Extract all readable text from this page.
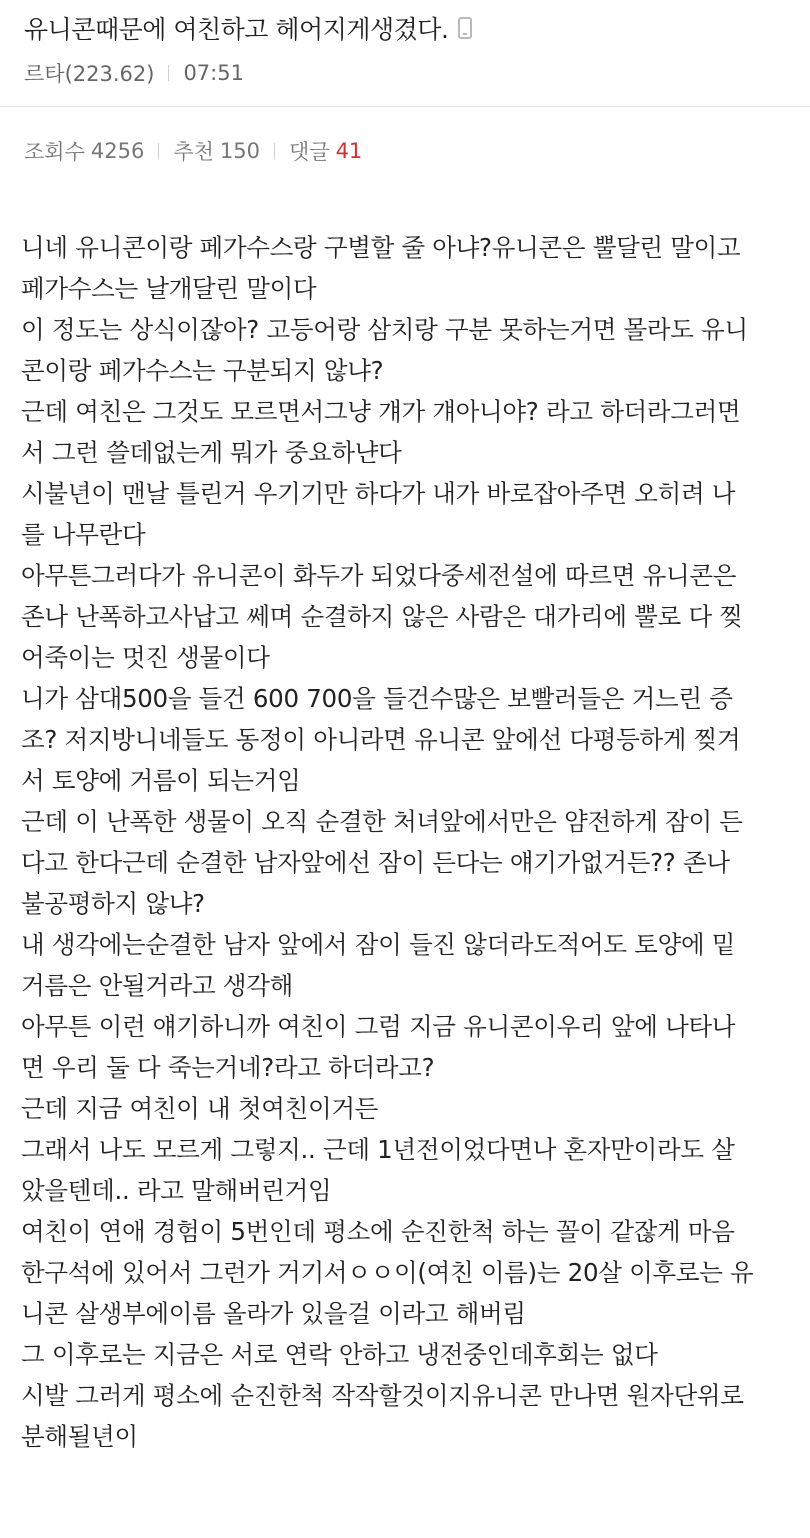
유니콘때문에 여친하고 헤어지게생겼다.
르타(223.62) 07:51
조회수 4256 추천 150 댓글 41
니네 유니콘이랑 페가수스랑 구별할 줄 아냐?유니콘은 뿔달린 말이고
페가수스는 날개달린 말이다
이 정도는 상식이잖아? 고등어랑 삼치랑 구분 못하는거면 몰라도 유니
콘이랑 페가수스는 구분되지 않냐?
근데 여친은 그것도 모르면서그냥 걔가 걔아니야? 라고 하더라그러면
서 그런 쓸데없는게 뭐가 중요하냔다
시불년이 맨날 틀린거 우기기만 하다가 내가 바로잡아주면 오히려 나
를 나무란다
아무튼그러다가 유니콘이 화두가 되었다중세전설에 따르면 유니콘은
존나 난폭하고사납고 쎄며 순결하지 않은 사람은 대가리에 뿔로 다 찢
어죽이는 멋진 생물이다
니가 삼대500을 들건 600 700을 들건수많은 보빨러들은 거느린 증
조? 저지방니네들도 동정이 아니라면 유니콘 앞에선 다평등하게 찢겨
서 토양에 거름이 되는거임
근데 이 난폭한 생물이 오직 순결한 처녀앞에서만은 얌전하게 잠이 든
다고 한다근데 순결한 남자앞에선 잠이 든다는 얘기가없거든?? 존나
불공평하지 않냐?
내 생각에는순결한 남자 앞에서 잠이 들진 않더라도적어도 토양에 밑
거름은 안될거라고 생각해
아무튼 이런 얘기하니까 여친이 그럼 지금 유니콘이우리 앞에 나타나
면 우리 둘 다 죽는거네?라고 하더라고?
근데 지금 여친이 내 첫여친이거든
그래서 나도 모르게 그렇지.. 근데 1년전이었다면나 혼자만이라도 살
았을텐데.. 라고 말해버린거임
여친이 연애 경험이 5번인데 평소에 순진한척 하는 꼴이 같잖게 마음
한구석에 있어서 그런가 거기서ㅇㅇ이(여친 이름)는 20살 이후로는 유
니콘 살생부에이름 올라가 있을걸 이라고 해버림
그 이후로는 지금은 서로 연락 안하고 냉전중인데후회는 없다
시발 그러게 평소에 순진한척 작작할것이지유니콘 만나면 원자단위로
분해될년이
